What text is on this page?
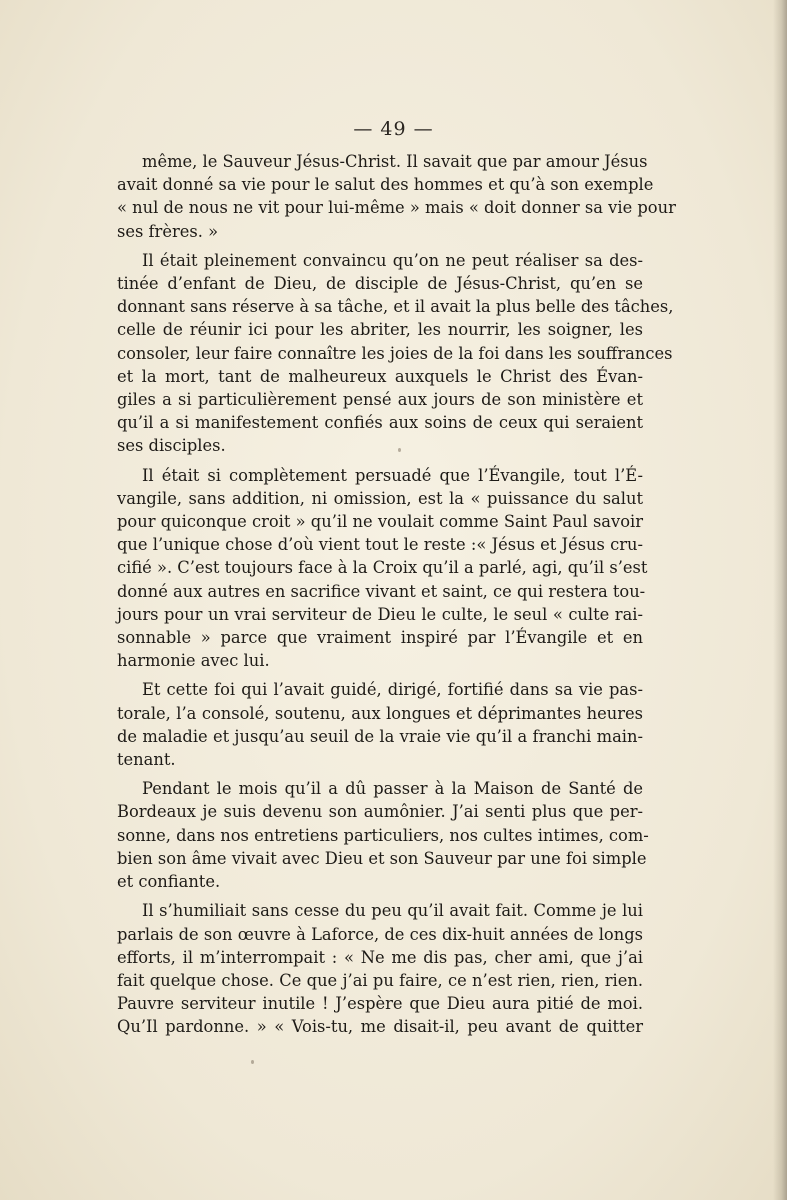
— 49 —
même, le Sauveur Jésus-Christ. Il savait que par amour Jésus
avait donné sa vie pour le salut des hommes et qu’à son exemple
« nul de nous ne vit pour lui-même » mais « doit donner sa vie pour
ses frères. »
Il était pleinement convaincu qu’on ne peut réaliser sa des-
tinée d’enfant de Dieu, de disciple de Jésus-Christ, qu’en se
donnant sans réserve à sa tâche, et il avait la plus belle des tâches,
celle de réunir ici pour les abriter, les nourrir, les soigner, les
consoler, leur faire connaître les joies de la foi dans les souffrances
et la mort, tant de malheureux auxquels le Christ des Évan-
giles a si particulièrement pensé aux jours de son ministère et
qu’il a si manifestement confiés aux soins de ceux qui seraient
ses disciples.
Il était si complètement persuadé que l’Évangile, tout l’É-
vangile, sans addition, ni omission, est la « puissance du salut
pour quiconque croit » qu’il ne voulait comme Saint Paul savoir
que l’unique chose d’où vient tout le reste :« Jésus et Jésus cru-
cifié ». C’est toujours face à la Croix qu’il a parlé, agi, qu’il s’est
donné aux autres en sacrifice vivant et saint, ce qui restera tou-
jours pour un vrai serviteur de Dieu le culte, le seul « culte rai-
sonnable » parce que vraiment inspiré par l’Évangile et en
harmonie avec lui.
Et cette foi qui l’avait guidé, dirigé, fortifié dans sa vie pas-
torale, l’a consolé, soutenu, aux longues et déprimantes heures
de maladie et jusqu’au seuil de la vraie vie qu’il a franchi main-
tenant.
Pendant le mois qu’il a dû passer à la Maison de Santé de
Bordeaux je suis devenu son aumônier. J’ai senti plus que per-
sonne, dans nos entretiens particuliers, nos cultes intimes, com-
bien son âme vivait avec Dieu et son Sauveur par une foi simple
et confiante.
Il s’humiliait sans cesse du peu qu’il avait fait. Comme je lui
parlais de son œuvre à Laforce, de ces dix-huit années de longs
efforts, il m’interrompait : « Ne me dis pas, cher ami, que j’ai
fait quelque chose. Ce que j’ai pu faire, ce n’est rien, rien, rien.
Pauvre serviteur inutile ! J’espère que Dieu aura pitié de moi.
Qu’Il pardonne. » « Vois-tu, me disait-il, peu avant de quitter
